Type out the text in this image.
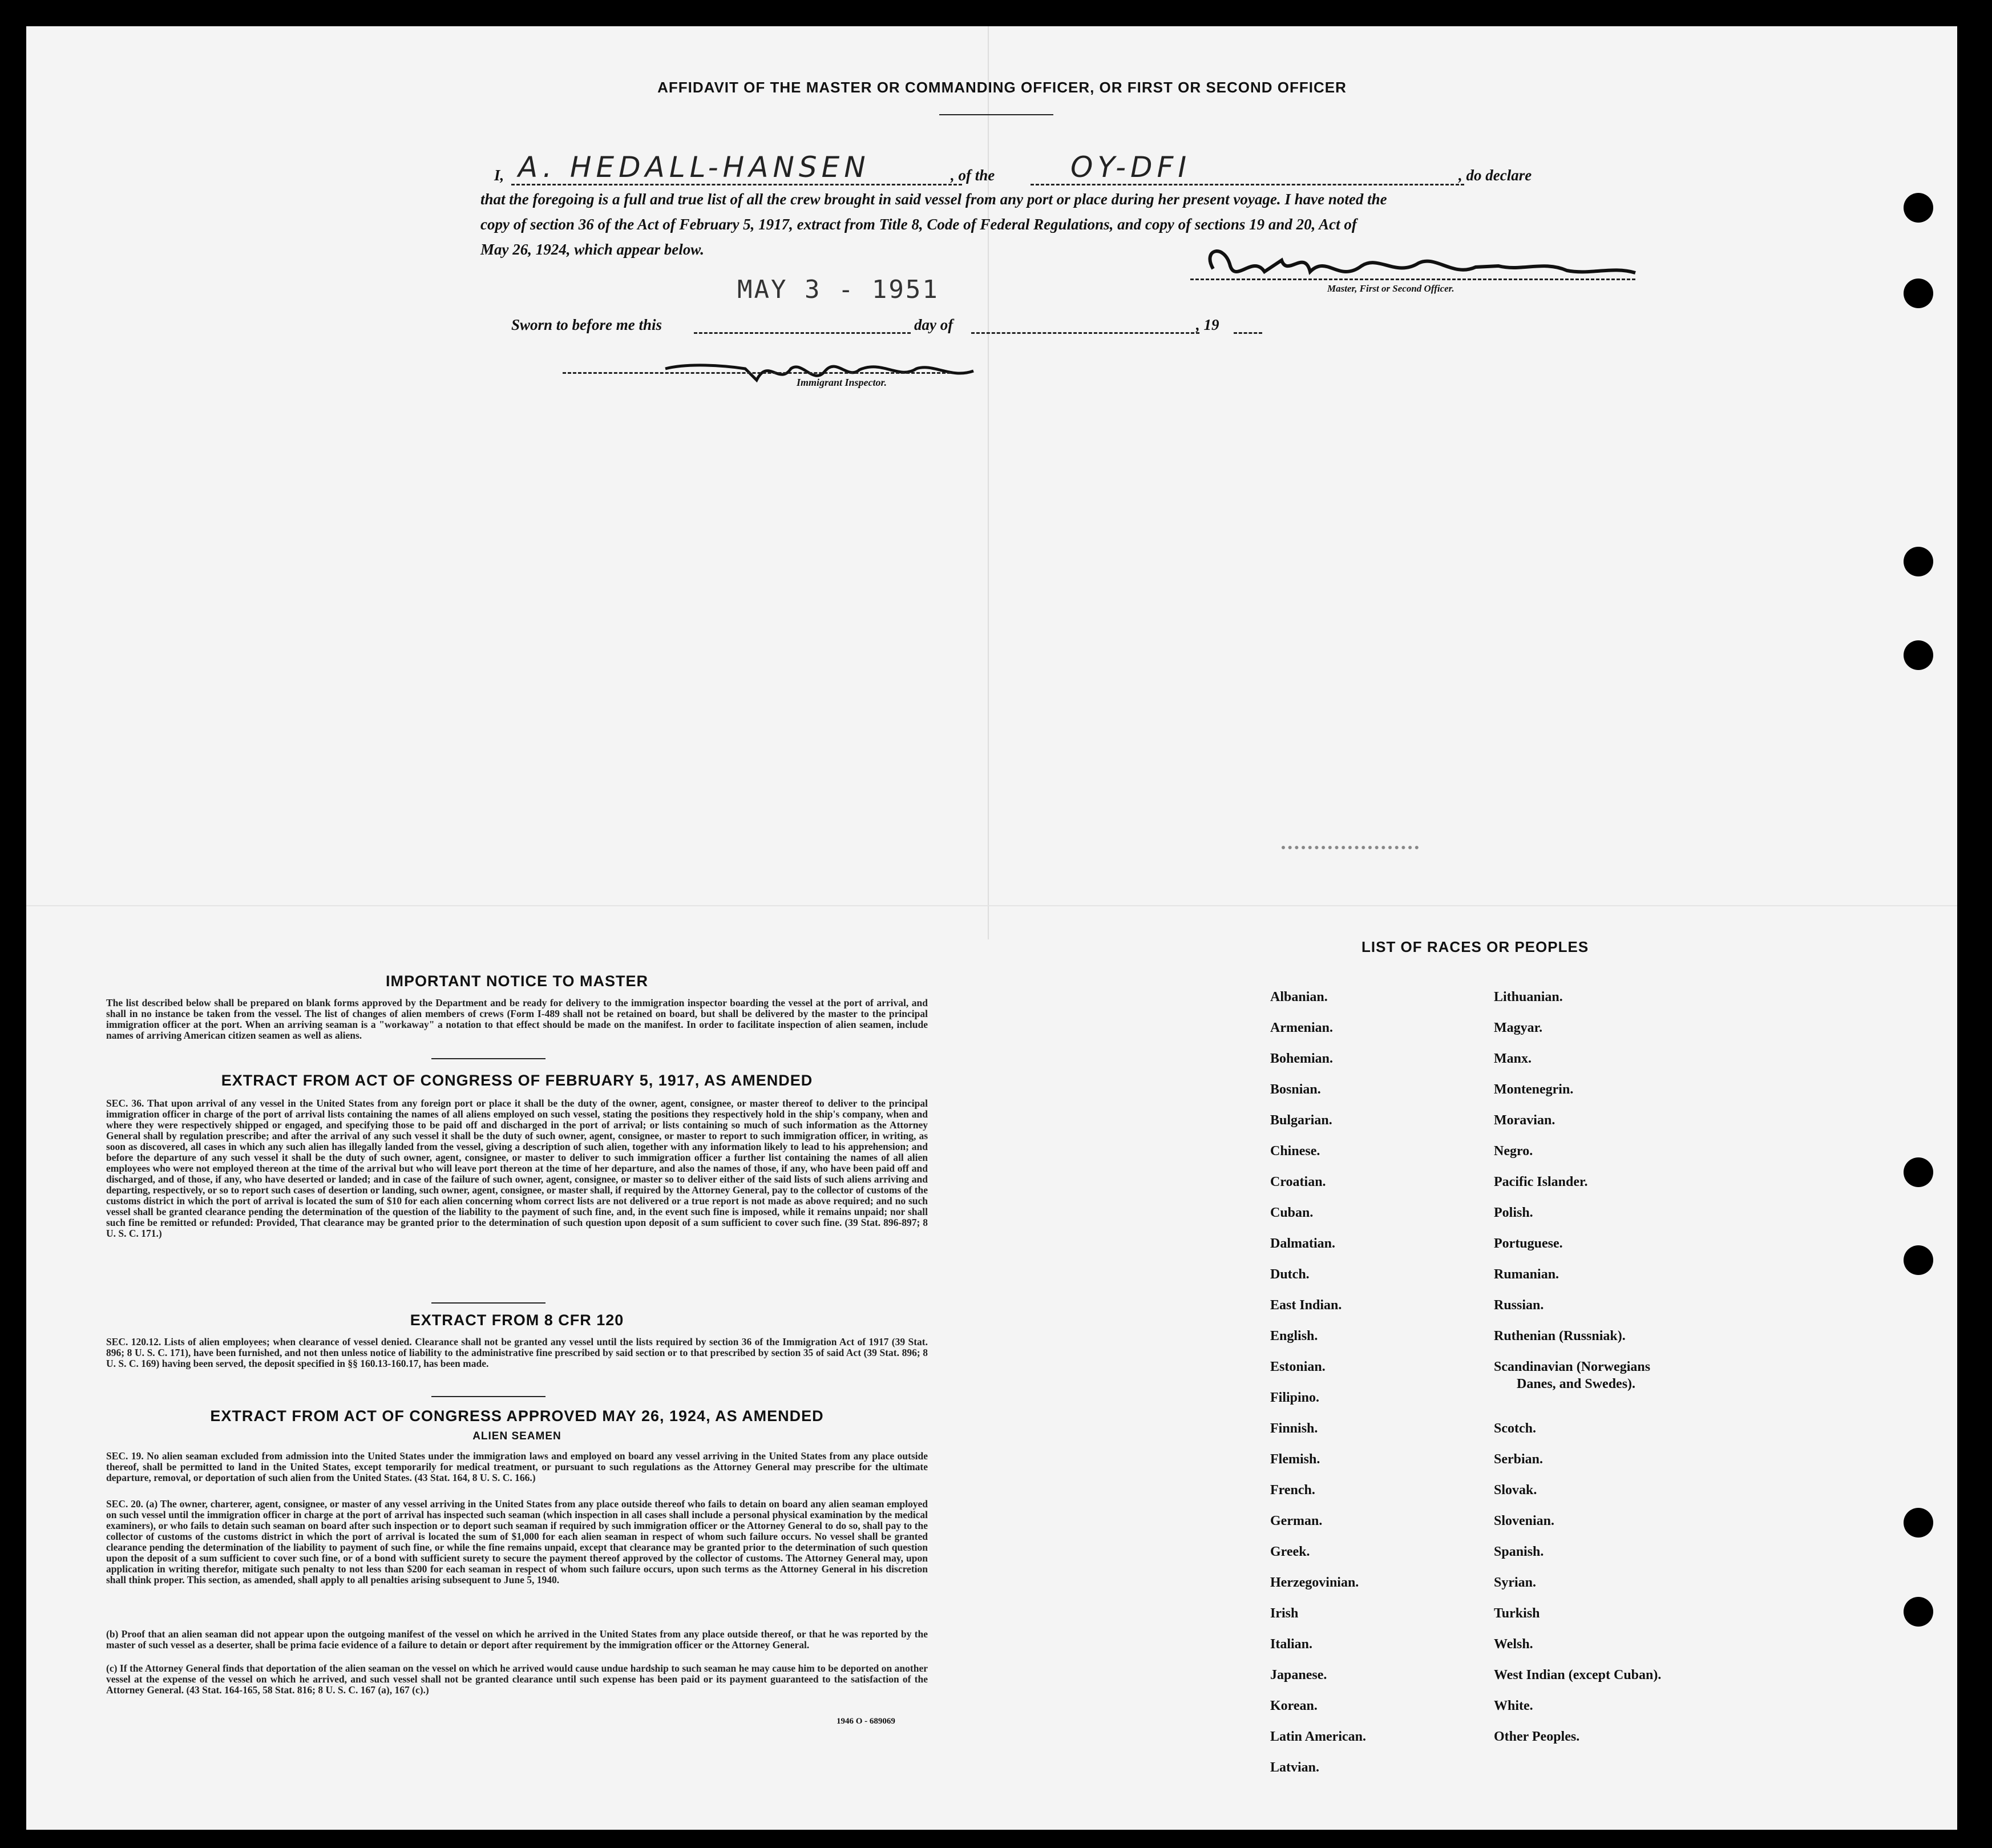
AFFIDAVIT OF THE MASTER OR COMMANDING OFFICER, OR FIRST OR SECOND OFFICER
I, A. HEDALL-HANSEN	, of the	OY-DFI	, do declare
that the foregoing is a full and true list of all the crew brought in said vessel from any port or place during her present voyage. I have noted the
copy of section 36 of the Act of February 5, 1917, extract from Title 8, Code of Federal Regulations, and copy of sections 19 and 20, Act of
May 26, 1924, which appear below.
MAY 3 - 1951	Master, First or Second Officer.
Sworn to before me this	day of	, 19
Immigrant Inspector.
IMPORTANT NOTICE TO MASTER
The list described below shall be prepared on blank forms approved by the Department and be ready for delivery to the immigration inspector boarding the vessel at the port of arrival, and shall in no instance be taken from the vessel. The list of changes of alien members of crews (Form I-489 shall not be retained on board, but shall be delivered by the master to the principal immigration officer at the port. When an arriving seaman is a "workaway" a notation to that effect should be made on the manifest. In order to facilitate inspection of alien seamen, include names of arriving American citizen seamen as well as aliens.
EXTRACT FROM ACT OF CONGRESS OF FEBRUARY 5, 1917, AS AMENDED
SEC. 36. That upon arrival of any vessel in the United States from any foreign port or place it shall be the duty of the owner, agent, consignee, or master thereof to deliver to the principal immigration officer in charge of the port of arrival lists containing the names of all aliens employed on such vessel, stating the positions they respectively hold in the ship's company, when and where they were respectively shipped or engaged, and specifying those to be paid off and discharged in the port of arrival; or lists containing so much of such information as the Attorney General shall by regulation prescribe; and after the arrival of any such vessel it shall be the duty of such owner, agent, consignee, or master to report to such immigration officer, in writing, as soon as discovered, all cases in which any such alien has illegally landed from the vessel, giving a description of such alien, together with any information likely to lead to his apprehension; and before the departure of any such vessel it shall be the duty of such owner, agent, consignee, or master to deliver to such immigration officer a further list containing the names of all alien employees who were not employed thereon at the time of the arrival but who will leave port thereon at the time of her departure, and also the names of those, if any, who have been paid off and discharged, and of those, if any, who have deserted or landed; and in case of the failure of such owner, agent, consignee, or master so to deliver either of the said lists of such aliens arriving and departing, respectively, or so to report such cases of desertion or landing, such owner, agent, consignee, or master shall, if required by the Attorney General, pay to the collector of customs of the customs district in which the port of arrival is located the sum of $10 for each alien concerning whom correct lists are not delivered or a true report is not made as above required; and no such vessel shall be granted clearance pending the determination of the question of the liability to the payment of such fine, and, in the event such fine is imposed, while it remains unpaid; nor shall such fine be remitted or refunded: Provided, That clearance may be granted prior to the determination of such question upon deposit of a sum sufficient to cover such fine. (39 Stat. 896-897; 8 U. S. C. 171.)
EXTRACT FROM 8 CFR 120
SEC. 120.12. Lists of alien employees; when clearance of vessel denied. Clearance shall not be granted any vessel until the lists required by section 36 of the Immigration Act of 1917 (39 Stat. 896; 8 U. S. C. 171), have been furnished, and not then unless notice of liability to the administrative fine prescribed by said section or to that prescribed by section 35 of said Act (39 Stat. 896; 8 U. S. C. 169) having been served, the deposit specified in §§ 160.13-160.17, has been made.
EXTRACT FROM ACT OF CONGRESS APPROVED MAY 26, 1924, AS AMENDED
ALIEN SEAMEN
SEC. 19. No alien seaman excluded from admission into the United States under the immigration laws and employed on board any vessel arriving in the United States from any place outside thereof, shall be permitted to land in the United States, except temporarily for medical treatment, or pursuant to such regulations as the Attorney General may prescribe for the ultimate departure, removal, or deportation of such alien from the United States. (43 Stat. 164, 8 U. S. C. 166.)
SEC. 20. (a) The owner, charterer, agent, consignee, or master of any vessel arriving in the United States from any place outside thereof who fails to detain on board any alien seaman employed on such vessel until the immigration officer in charge at the port of arrival has inspected such seaman (which inspection in all cases shall include a personal physical examination by the medical examiners), or who fails to detain such seaman on board after such inspection or to deport such seaman if required by such immigration officer or the Attorney General to do so, shall pay to the collector of customs of the customs district in which the port of arrival is located the sum of $1,000 for each alien seaman in respect of whom such failure occurs. No vessel shall be granted clearance pending the determination of the liability to payment of such fine, or while the fine remains unpaid, except that clearance may be granted prior to the determination of such question upon the deposit of a sum sufficient to cover such fine, or of a bond with sufficient surety to secure the payment thereof approved by the collector of customs. The Attorney General may, upon application in writing therefor, mitigate such penalty to not less than $200 for each seaman in respect of whom such failure occurs, upon such terms as the Attorney General in his discretion shall think proper. This section, as amended, shall apply to all penalties arising subsequent to June 5, 1940.
(b) Proof that an alien seaman did not appear upon the outgoing manifest of the vessel on which he arrived in the United States from any place outside thereof, or that he was reported by the master of such vessel as a deserter, shall be prima facie evidence of a failure to detain or deport after requirement by the immigration officer or the Attorney General.
(c) If the Attorney General finds that deportation of the alien seaman on the vessel on which he arrived would cause undue hardship to such seaman he may cause him to be deported on another vessel at the expense of the vessel on which he arrived, and such vessel shall not be granted clearance until such expense has been paid or its payment guaranteed to the satisfaction of the Attorney General. (43 Stat. 164-165, 58 Stat. 816; 8 U. S. C. 167 (a), 167 (c).)
1946 O - 689069
LIST OF RACES OR PEOPLES
Albanian.
Armenian.
Bohemian.
Bosnian.
Bulgarian.
Chinese.
Croatian.
Cuban.
Dalmatian.
Dutch.
East Indian.
English.
Estonian.
Filipino.
Finnish.
Flemish.
French.
German.
Greek.
Herzegovinian.
Irish
Italian.
Japanese.
Korean.
Latin American.
Latvian.
Lithuanian.
Magyar.
Manx.
Montenegrin.
Moravian.
Negro.
Pacific Islander.
Polish.
Portuguese.
Rumanian.
Russian.
Ruthenian (Russniak).
Scandinavian (Norwegians
Danes, and Swedes).
Scotch.
Serbian.
Slovak.
Slovenian.
Spanish.
Syrian.
Turkish
Welsh.
West Indian (except Cuban).
White.
Other Peoples.
